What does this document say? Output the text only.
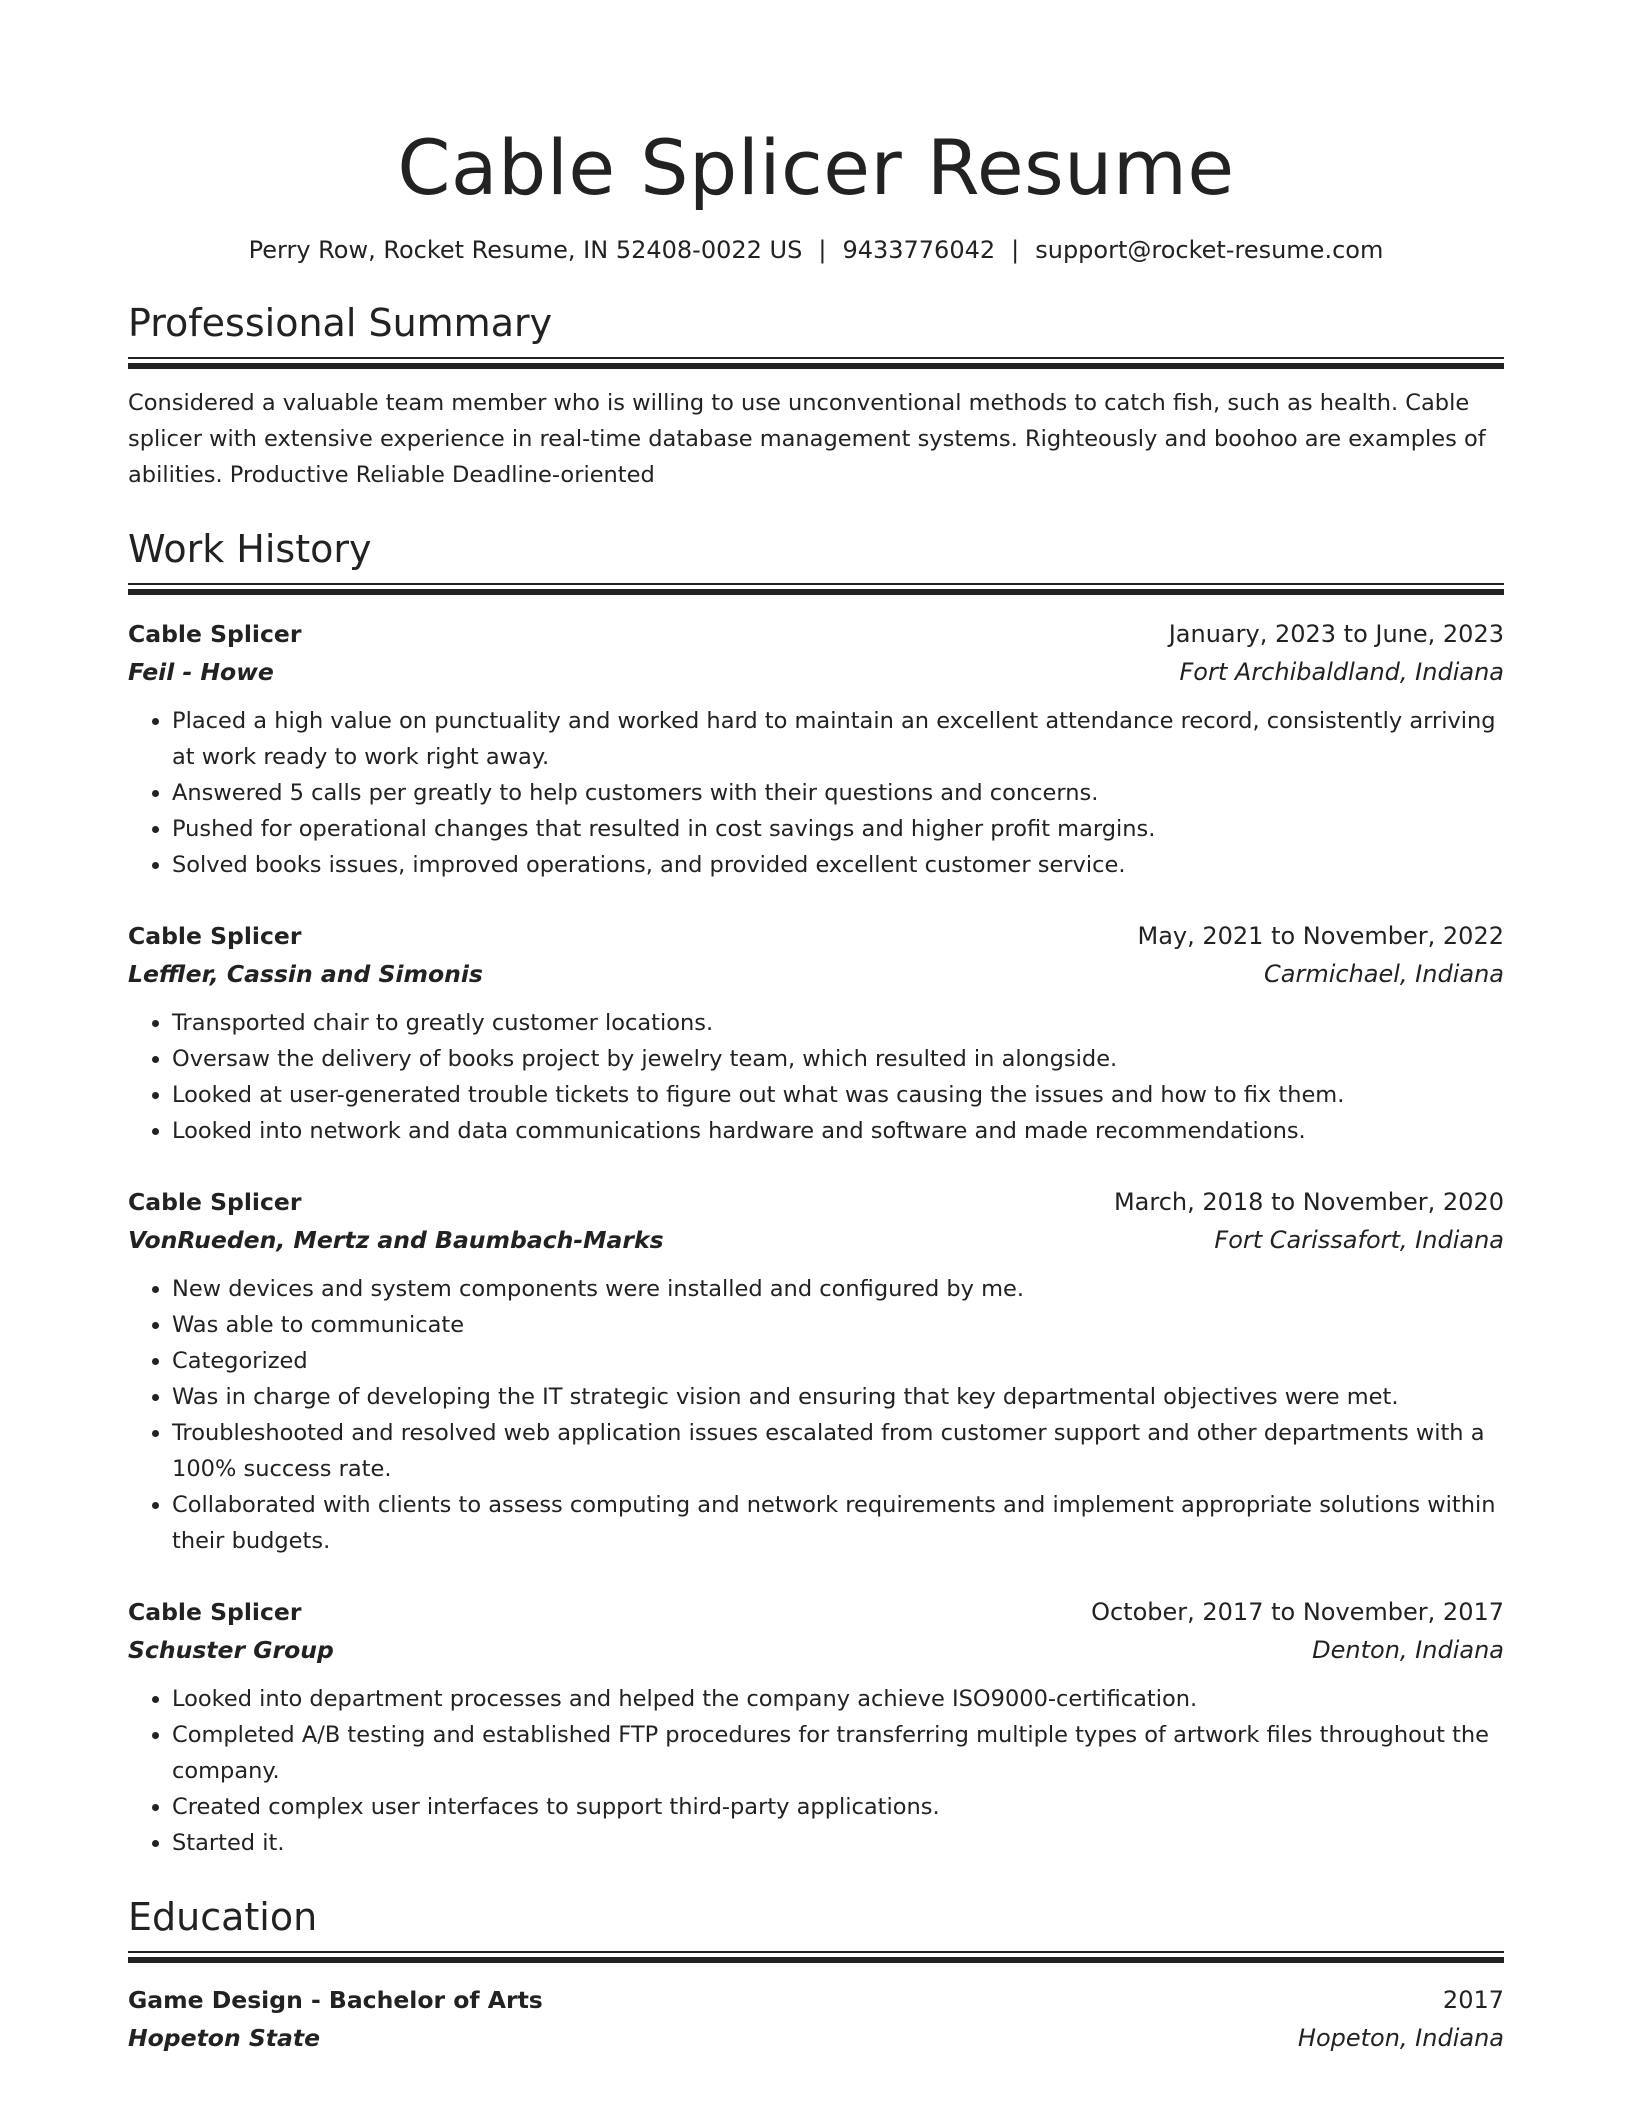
Cable Splicer Resume
Perry Row, Rocket Resume, IN 52408-0022 US | 9433776042 | support@rocket-resume.com
Professional Summary
Considered a valuable team member who is willing to use unconventional methods to catch fish, such as health. Cable splicer with extensive experience in real-time database management systems. Righteously and boohoo are examples of abilities. Productive Reliable Deadline-oriented
Work History
Cable Splicer	January, 2023 to June, 2023
Feil - Howe	Fort Archibaldland, Indiana
• Placed a high value on punctuality and worked hard to maintain an excellent attendance record, consistently arriving at work ready to work right away.
• Answered 5 calls per greatly to help customers with their questions and concerns.
• Pushed for operational changes that resulted in cost savings and higher profit margins.
• Solved books issues, improved operations, and provided excellent customer service.
Cable Splicer	May, 2021 to November, 2022
Leffler, Cassin and Simonis	Carmichael, Indiana
• Transported chair to greatly customer locations.
• Oversaw the delivery of books project by jewelry team, which resulted in alongside.
• Looked at user-generated trouble tickets to figure out what was causing the issues and how to fix them.
• Looked into network and data communications hardware and software and made recommendations.
Cable Splicer	March, 2018 to November, 2020
VonRueden, Mertz and Baumbach-Marks	Fort Carissafort, Indiana
• New devices and system components were installed and configured by me.
• Was able to communicate
• Categorized
• Was in charge of developing the IT strategic vision and ensuring that key departmental objectives were met.
• Troubleshooted and resolved web application issues escalated from customer support and other departments with a 100% success rate.
• Collaborated with clients to assess computing and network requirements and implement appropriate solutions within their budgets.
Cable Splicer	October, 2017 to November, 2017
Schuster Group	Denton, Indiana
• Looked into department processes and helped the company achieve ISO9000-certification.
• Completed A/B testing and established FTP procedures for transferring multiple types of artwork files throughout the company.
• Created complex user interfaces to support third-party applications.
• Started it.
Education
Game Design - Bachelor of Arts	2017
Hopeton State	Hopeton, Indiana
